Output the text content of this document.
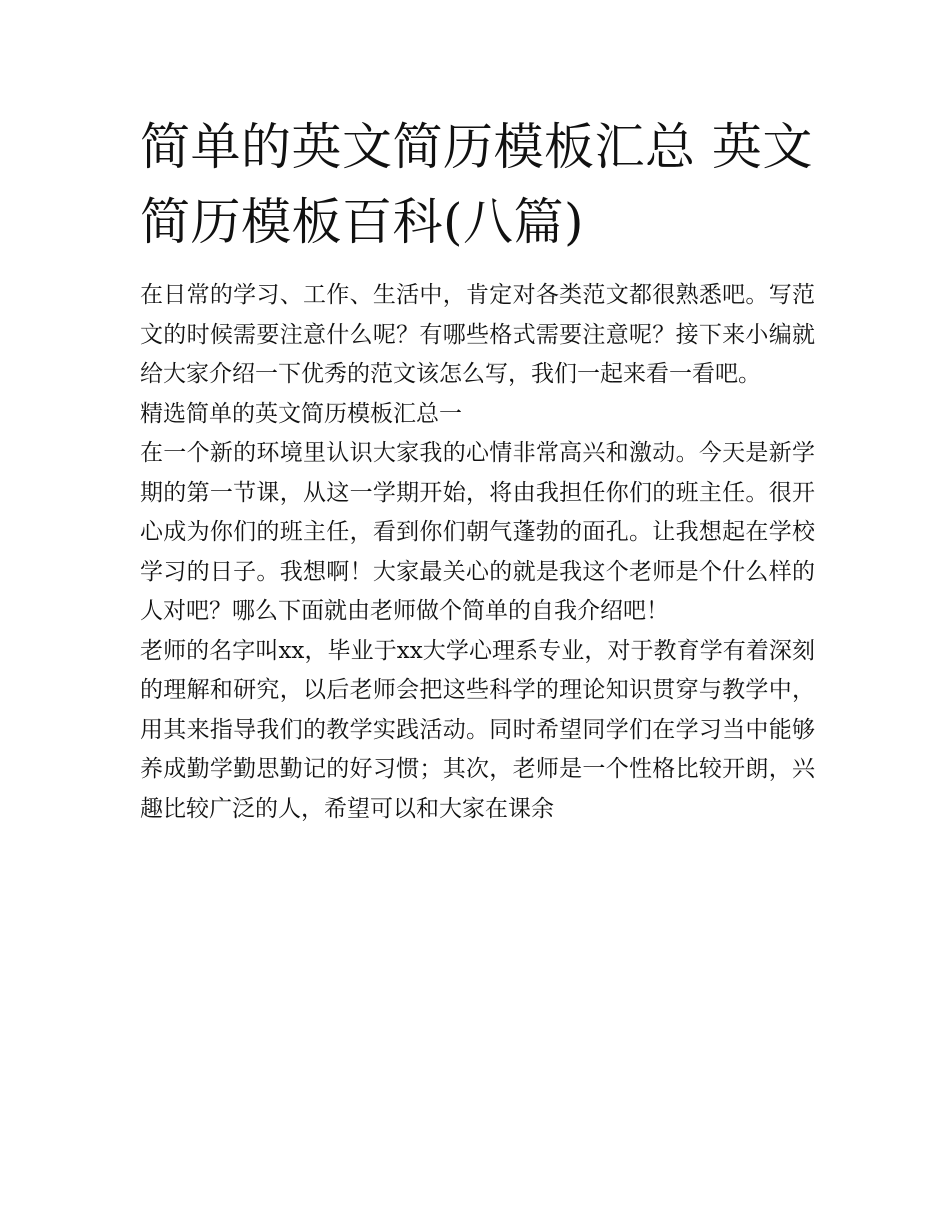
简单的英文简历模板汇总 英文简历模板百科(八篇)

在日常的学习、工作、生活中，肯定对各类范文都很熟悉吧。写范文的时候需要注意什么呢？有哪些格式需要注意呢？接下来小编就给大家介绍一下优秀的范文该怎么写，我们一起来看一看吧。

精选简单的英文简历模板汇总一

在一个新的环境里认识大家我的心情非常高兴和激动。今天是新学期的第一节课，从这一学期开始，将由我担任你们的班主任。很开心成为你们的班主任，看到你们朝气蓬勃的面孔。让我想起在学校学习的日子。我想啊！大家最关心的就是我这个老师是个什么样的人对吧？哪么下面就由老师做个简单的自我介绍吧！

老师的名字叫xx，毕业于xx大学心理系专业，对于教育学有着深刻的理解和研究，以后老师会把这些科学的理论知识贯穿与教学中，用其来指导我们的教学实践活动。同时希望同学们在学习当中能够养成勤学勤思勤记的好习惯；其次，老师是一个性格比较开朗，兴趣比较广泛的人，希望可以和大家在课余
